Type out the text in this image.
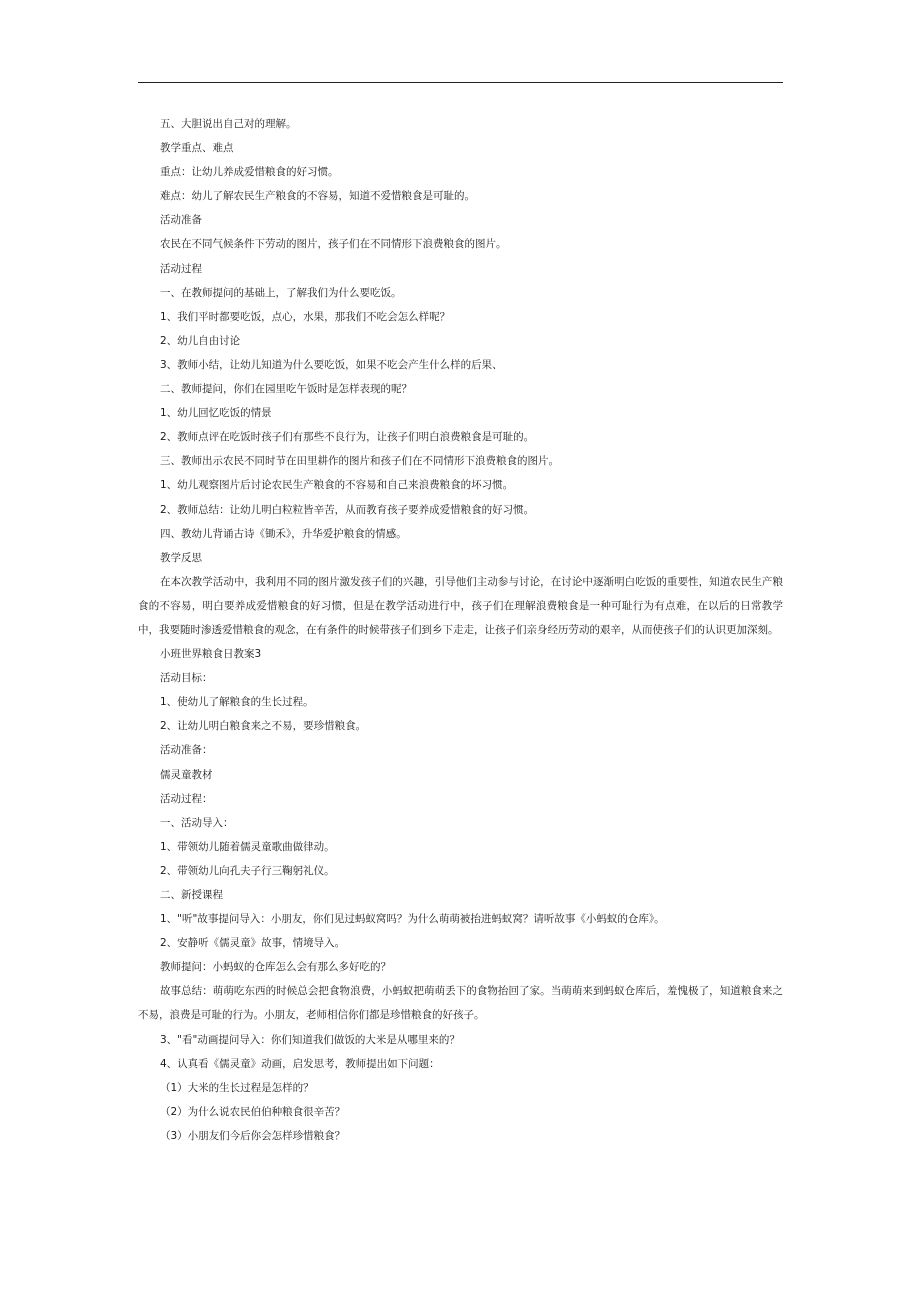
五、大胆说出自己对的理解。
教学重点、难点
重点：让幼儿养成爱惜粮食的好习惯。
难点：幼儿了解农民生产粮食的不容易，知道不爱惜粮食是可耻的。
活动准备
农民在不同气候条件下劳动的图片，孩子们在不同情形下浪费粮食的图片。
活动过程
一、在教师提问的基础上，了解我们为什么要吃饭。
1、我们平时都要吃饭，点心，水果，那我们不吃会怎么样呢？
2、幼儿自由讨论
3、教师小结，让幼儿知道为什么要吃饭，如果不吃会产生什么样的后果、
二、教师提问，你们在园里吃午饭时是怎样表现的呢？
1、幼儿回忆吃饭的情景
2、教师点评在吃饭时孩子们有那些不良行为，让孩子们明白浪费粮食是可耻的。
三、教师出示农民不同时节在田里耕作的图片和孩子们在不同情形下浪费粮食的图片。
1、幼儿观察图片后讨论农民生产粮食的不容易和自己来浪费粮食的坏习惯。
2、教师总结：让幼儿明白粒粒皆辛苦，从而教育孩子要养成爱惜粮食的好习惯。
四、教幼儿背诵古诗《锄禾》，升华爱护粮食的情感。
教学反思

在本次教学活动中，我利用不同的图片激发孩子们的兴趣，引导他们主动参与讨论，在讨论中逐渐明白吃饭的重要性，知道农民生产粮食的不容易，明白要养成爱惜粮食的好习惯，但是在教学活动进行中，孩子们在理解浪费粮食是一种可耻行为有点难，在以后的日常教学中，我要随时渗透爱惜粮食的观念，在有条件的时候带孩子们到乡下走走，让孩子们亲身经历劳动的艰辛，从而使孩子们的认识更加深刻。

小班世界粮食日教案3
活动目标：
1、使幼儿了解粮食的生长过程。
2、让幼儿明白粮食来之不易，要珍惜粮食。
活动准备：
儒灵童教材
活动过程：
一、活动导入：
1、带领幼儿随着儒灵童歌曲做律动。
2、带领幼儿向孔夫子行三鞠躬礼仪。
二、新授课程
1、"听"故事提问导入：小朋友，你们见过蚂蚁窝吗？为什么萌萌被抬进蚂蚁窝？请听故事《小蚂蚁的仓库》。
2、安静听《儒灵童》故事，情境导入。
教师提问：小蚂蚁的仓库怎么会有那么多好吃的？

故事总结：萌萌吃东西的时候总会把食物浪费，小蚂蚁把萌萌丢下的食物抬回了家。当萌萌来到蚂蚁仓库后，羞愧极了，知道粮食来之不易，浪费是可耻的行为。小朋友，老师相信你们都是珍惜粮食的好孩子。

3、"看"动画提问导入：你们知道我们做饭的大米是从哪里来的？
4、认真看《儒灵童》动画，启发思考，教师提出如下问题：
（1）大米的生长过程是怎样的？
（2）为什么说农民伯伯种粮食很辛苦？
（3）小朋友们今后你会怎样珍惜粮食？
